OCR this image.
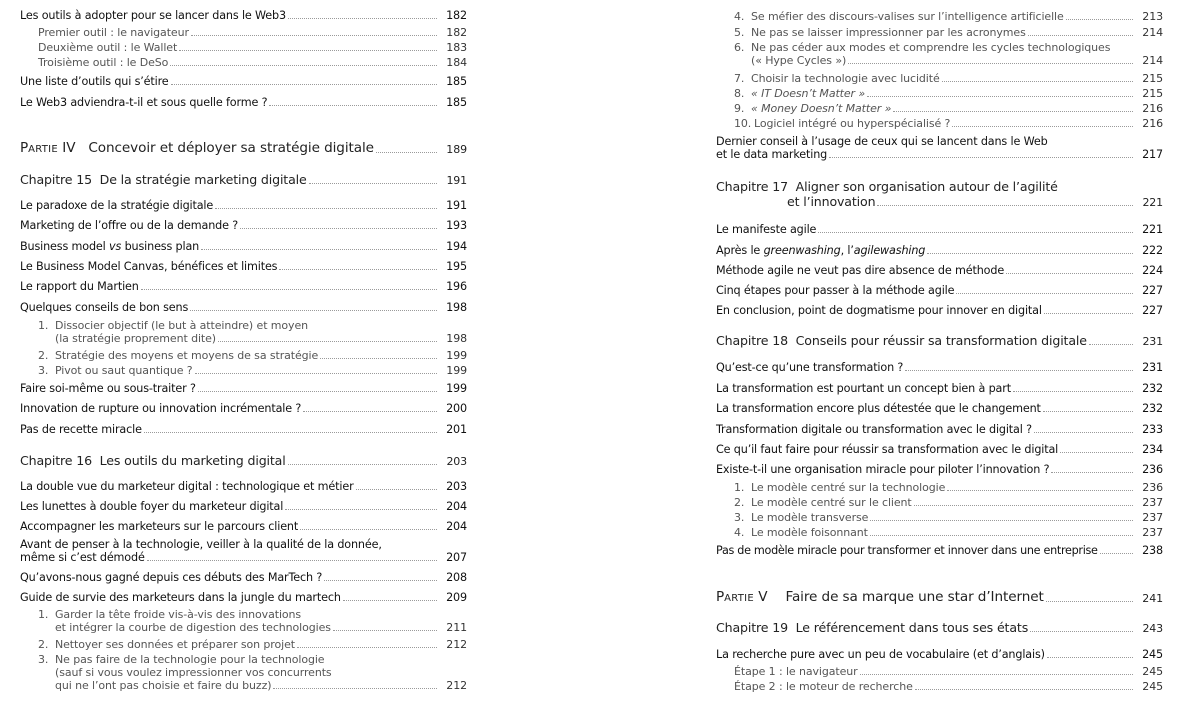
Les outils à adopter pour se lancer dans le Web3	182
Premier outil : le navigateur	182
Deuxième outil : le Wallet	183
Troisième outil : le DeSo	184
Une liste d’outils qui s’étire	185
Le Web3 adviendra-t-il et sous quelle forme ?	185
PARTIE IV Concevoir et déployer sa stratégie digitale	189
Chapitre 15  De la stratégie marketing digitale	191
Le paradoxe de la stratégie digitale	191
Marketing de l’offre ou de la demande ?	193
Business model vs business plan	194
Le Business Model Canvas, bénéfices et limites	195
Le rapport du Martien	196
Quelques conseils de bon sens	198
1. Dissocier objectif (le but à atteindre) et moyen
(la stratégie proprement dite)	198
2. Stratégie des moyens et moyens de sa stratégie	199
3. Pivot ou saut quantique ?	199
Faire soi-même ou sous-traiter ?	199
Innovation de rupture ou innovation incrémentale ?	200
Pas de recette miracle	201
Chapitre 16  Les outils du marketing digital	203
La double vue du marketeur digital : technologique et métier	203
Les lunettes à double foyer du marketeur digital	204
Accompagner les marketeurs sur le parcours client	204
Avant de penser à la technologie, veiller à la qualité de la donnée,
même si c’est démodé	207
Qu’avons-nous gagné depuis ces débuts des MarTech ?	208
Guide de survie des marketeurs dans la jungle du martech	209
1. Garder la tête froide vis-à-vis des innovations
et intégrer la courbe de digestion des technologies	211
2. Nettoyer ses données et préparer son projet	212
3. Ne pas faire de la technologie pour la technologie
(sauf si vous voulez impressionner vos concurrents
qui ne l’ont pas choisie et faire du buzz)	212
4. Se méfier des discours-valises sur l’intelligence artificielle	213
5. Ne pas se laisser impressionner par les acronymes	214
6. Ne pas céder aux modes et comprendre les cycles technologiques
(« Hype Cycles »)	214
7. Choisir la technologie avec lucidité	215
8. « IT Doesn’t Matter »	215
9. « Money Doesn’t Matter »	216
10. Logiciel intégré ou hyperspécialisé ?	216
Dernier conseil à l’usage de ceux qui se lancent dans le Web
et le data marketing	217
Chapitre 17  Aligner son organisation autour de l’agilité
et l’innovation	221
Le manifeste agile	221
Après le greenwashing, l’agilewashing	222
Méthode agile ne veut pas dire absence de méthode	224
Cinq étapes pour passer à la méthode agile	227
En conclusion, point de dogmatisme pour innover en digital	227
Chapitre 18  Conseils pour réussir sa transformation digitale	231
Qu’est-ce qu’une transformation ?	231
La transformation est pourtant un concept bien à part	232
La transformation encore plus détestée que le changement	232
Transformation digitale ou transformation avec le digital ?	233
Ce qu’il faut faire pour réussir sa transformation avec le digital	234
Existe-t-il une organisation miracle pour piloter l’innovation ?	236
1. Le modèle centré sur la technologie	236
2. Le modèle centré sur le client	237
3. Le modèle transverse	237
4. Le modèle foisonnant	237
Pas de modèle miracle pour transformer et innover dans une entreprise	238
PARTIE V Faire de sa marque une star d’Internet	241
Chapitre 19  Le référencement dans tous ses états	243
La recherche pure avec un peu de vocabulaire (et d’anglais)	245
Étape 1 : le navigateur	245
Étape 2 : le moteur de recherche	245
